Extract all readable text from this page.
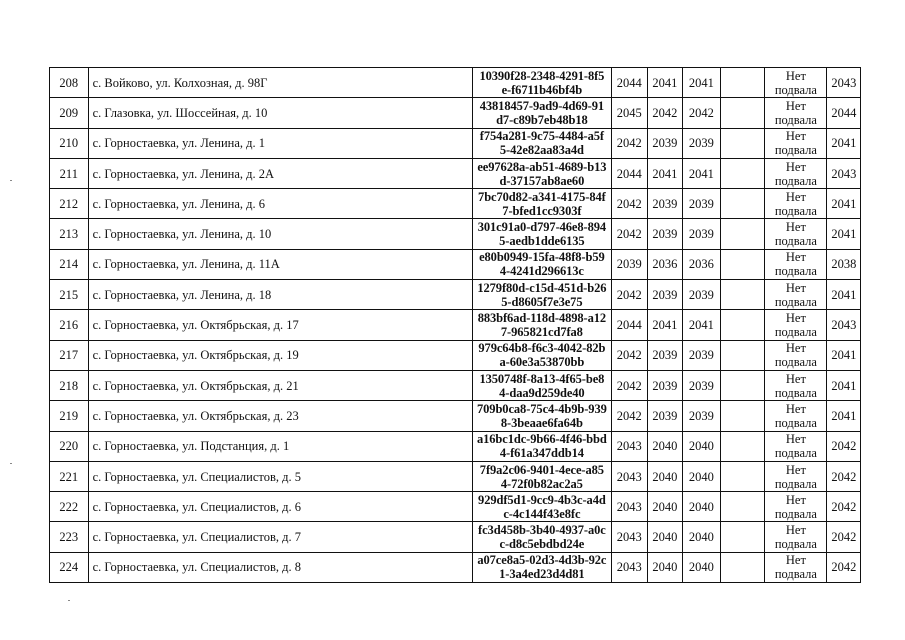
208	с. Войково, ул. Колхозная, д. 98Г	10390f28-2348-4291-8f5e-f6711b46bf4b	2044	2041	2041		Нет подвала	2043
209	с. Глазовка, ул. Шоссейная, д. 10	43818457-9ad9-4d69-91d7-c89b7eb48b18	2045	2042	2042		Нет подвала	2044
210	с. Горностаевка, ул. Ленина, д. 1	f754a281-9c75-4484-a5f5-42e82aa83a4d	2042	2039	2039		Нет подвала	2041
211	с. Горностаевка, ул. Ленина, д. 2А	ee97628a-ab51-4689-b13d-37157ab8ae60	2044	2041	2041		Нет подвала	2043
212	с. Горностаевка, ул. Ленина, д. 6	7bc70d82-a341-4175-84f7-bfed1cc9303f	2042	2039	2039		Нет подвала	2041
213	с. Горностаевка, ул. Ленина, д. 10	301c91a0-d797-46e8-8945-aedb1dde6135	2042	2039	2039		Нет подвала	2041
214	с. Горностаевка, ул. Ленина, д. 11А	e80b0949-15fa-48f8-b594-4241d296613c	2039	2036	2036		Нет подвала	2038
215	с. Горностаевка, ул. Ленина, д. 18	1279f80d-c15d-451d-b265-d8605f7e3e75	2042	2039	2039		Нет подвала	2041
216	с. Горностаевка, ул. Октябрьская, д. 17	883bf6ad-118d-4898-a127-965821cd7fa8	2044	2041	2041		Нет подвала	2043
217	с. Горностаевка, ул. Октябрьская, д. 19	979c64b8-f6c3-4042-82ba-60e3a53870bb	2042	2039	2039		Нет подвала	2041
218	с. Горностаевка, ул. Октябрьская, д. 21	1350748f-8a13-4f65-be84-daa9d259de40	2042	2039	2039		Нет подвала	2041
219	с. Горностаевка, ул. Октябрьская, д. 23	709b0ca8-75c4-4b9b-9398-3beaae6fa64b	2042	2039	2039		Нет подвала	2041
220	с. Горностаевка, ул. Подстанция, д. 1	a16bc1dc-9b66-4f46-bbd4-f61a347ddb14	2043	2040	2040		Нет подвала	2042
221	с. Горностаевка, ул. Специалистов, д. 5	7f9a2c06-9401-4ece-a854-72f0b82ac2a5	2043	2040	2040		Нет подвала	2042
222	с. Горностаевка, ул. Специалистов, д. 6	929df5d1-9cc9-4b3c-a4dc-4c144f43e8fc	2043	2040	2040		Нет подвала	2042
223	с. Горностаевка, ул. Специалистов, д. 7	fc3d458b-3b40-4937-a0cc-d8c5ebdbd24e	2043	2040	2040		Нет подвала	2042
224	с. Горностаевка, ул. Специалистов, д. 8	a07ce8a5-02d3-4d3b-92c1-3a4ed23d4d81	2043	2040	2040		Нет подвала	2042
